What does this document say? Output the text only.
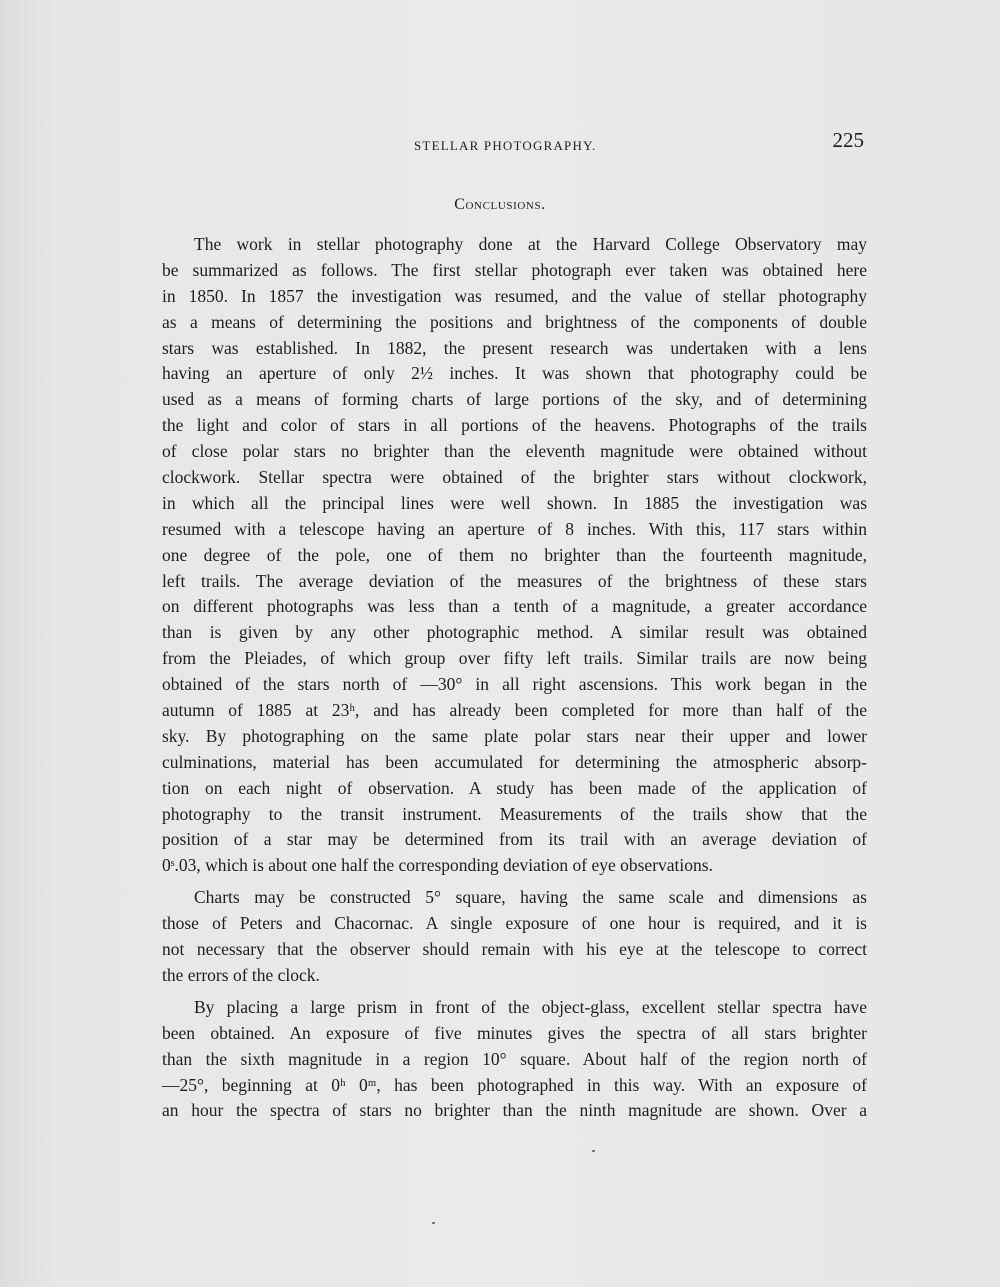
STELLAR PHOTOGRAPHY.	225
Conclusions.
The work in stellar photography done at the Harvard College Observatory may
be summarized as follows. The first stellar photograph ever taken was obtained here
in 1850. In 1857 the investigation was resumed, and the value of stellar photography
as a means of determining the positions and brightness of the components of double
stars was established. In 1882, the present research was undertaken with a lens
having an aperture of only 2½ inches. It was shown that photography could be
used as a means of forming charts of large portions of the sky, and of determining
the light and color of stars in all portions of the heavens. Photographs of the trails
of close polar stars no brighter than the eleventh magnitude were obtained without
clockwork. Stellar spectra were obtained of the brighter stars without clockwork,
in which all the principal lines were well shown. In 1885 the investigation was
resumed with a telescope having an aperture of 8 inches. With this, 117 stars within
one degree of the pole, one of them no brighter than the fourteenth magnitude,
left trails. The average deviation of the measures of the brightness of these stars
on different photographs was less than a tenth of a magnitude, a greater accordance
than is given by any other photographic method. A similar result was obtained
from the Pleiades, of which group over fifty left trails. Similar trails are now being
obtained of the stars north of —30° in all right ascensions. This work began in the
autumn of 1885 at 23ʰ, and has already been completed for more than half of the
sky. By photographing on the same plate polar stars near their upper and lower
culminations, material has been accumulated for determining the atmospheric absorp-
tion on each night of observation. A study has been made of the application of
photography to the transit instrument. Measurements of the trails show that the
position of a star may be determined from its trail with an average deviation of
0ˢ.03, which is about one half the corresponding deviation of eye observations.
Charts may be constructed 5° square, having the same scale and dimensions as
those of Peters and Chacornac. A single exposure of one hour is required, and it is
not necessary that the observer should remain with his eye at the telescope to correct
the errors of the clock.
By placing a large prism in front of the object-glass, excellent stellar spectra have
been obtained. An exposure of five minutes gives the spectra of all stars brighter
than the sixth magnitude in a region 10° square. About half of the region north of
—25°, beginning at 0ʰ 0ᵐ, has been photographed in this way. With an exposure of
an hour the spectra of stars no brighter than the ninth magnitude are shown. Over a
